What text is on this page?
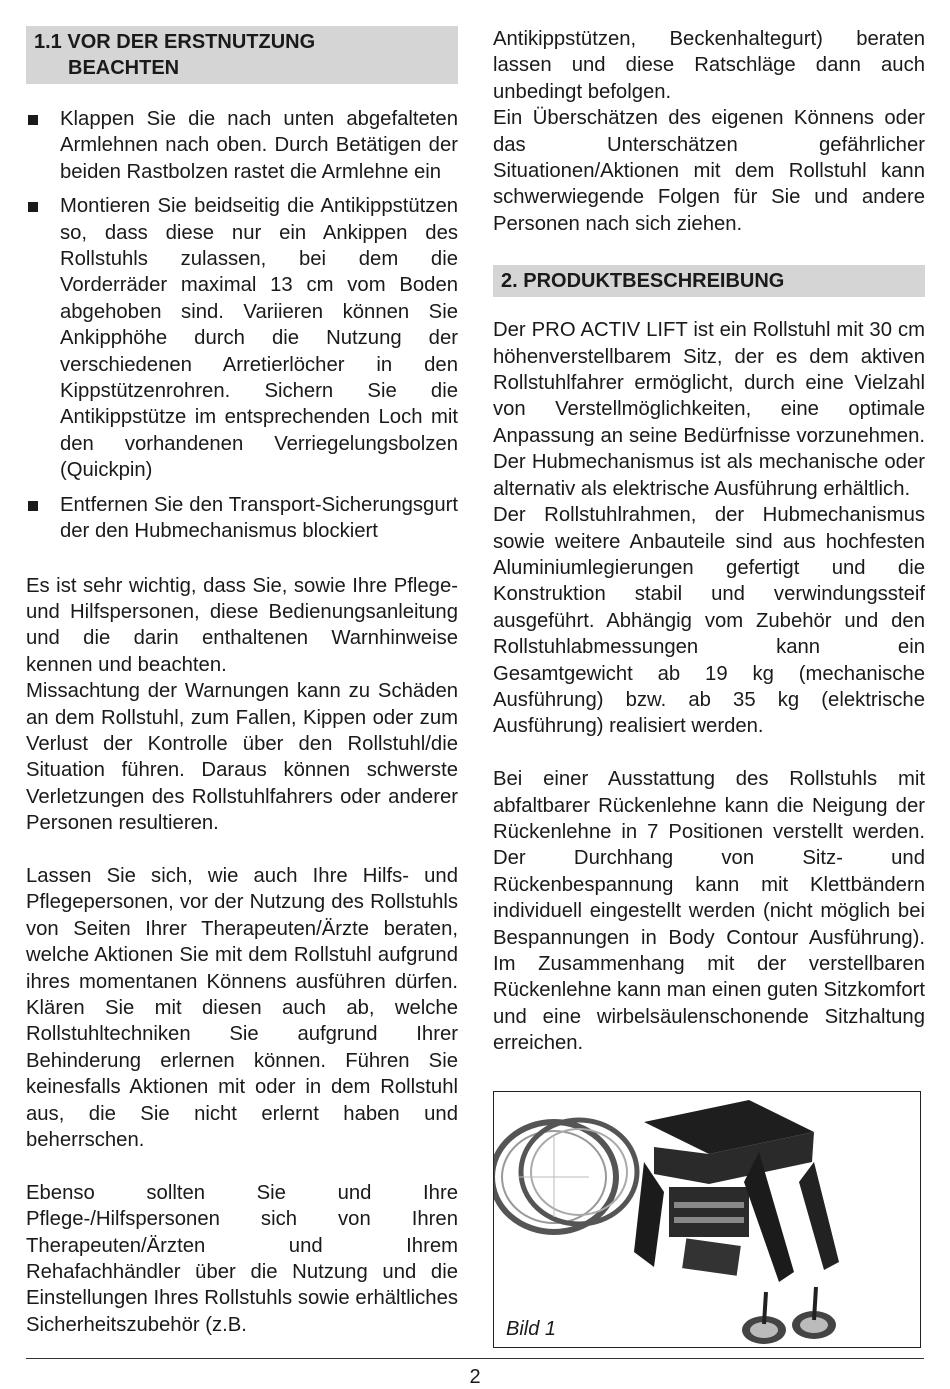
1.1 VOR DER ERSTNUTZUNG
BEACHTEN
Klappen Sie die nach unten abgefalteten Armlehnen nach oben. Durch Betätigen der beiden Rastbolzen rastet die Armlehne ein
Montieren Sie beidseitig die Antikippstützen so, dass diese nur ein Ankippen des Rollstuhls zulassen, bei dem die Vorderräder maximal 13 cm vom Boden abgehoben sind. Variieren können Sie Ankipphöhe durch die Nutzung der verschiedenen Arretierlöcher in den Kippstützenrohren. Sichern Sie die Antikippstütze im entsprechenden Loch mit den vorhandenen Verriegelungsbolzen (Quickpin)
Entfernen Sie den Transport-Sicherungsgurt der den Hubmechanismus blockiert

Es ist sehr wichtig, dass Sie, sowie Ihre Pflege- und Hilfspersonen, diese Bedienungsanleitung und die darin enthaltenen Warnhinweise kennen und beachten.

Missachtung der Warnungen kann zu Schäden an dem Rollstuhl, zum Fallen, Kippen oder zum Verlust der Kontrolle über den Rollstuhl/die Situation führen. Daraus können schwerste Verletzungen des Rollstuhlfahrers oder anderer Personen resultieren.

Lassen Sie sich, wie auch Ihre Hilfs- und Pflegepersonen, vor der Nutzung des Rollstuhls von Seiten Ihrer Therapeuten/Ärzte beraten, welche Aktionen Sie mit dem Rollstuhl aufgrund ihres momentanen Könnens ausführen dürfen. Klären Sie mit diesen auch ab, welche Rollstuhltechniken Sie aufgrund Ihrer Behinderung erlernen können. Führen Sie keinesfalls Aktionen mit oder in dem Rollstuhl aus, die Sie nicht erlernt haben und beherrschen.

Ebenso sollten Sie und Ihre Pflege-/Hilfspersonen sich von Ihren Therapeuten/Ärzten und Ihrem Rehafachhändler über die Nutzung und die Einstellungen Ihres Rollstuhls sowie erhältliches Sicherheitszubehör (z.B.

Antikippstützen, Beckenhaltegurt) beraten lassen und diese Ratschläge dann auch unbedingt befolgen.

Ein Überschätzen des eigenen Könnens oder das Unterschätzen gefährlicher Situationen/Aktionen mit dem Rollstuhl kann schwerwiegende Folgen für Sie und andere Personen nach sich ziehen.

2. PRODUKTBESCHREIBUNG

Der PRO ACTIV LIFT ist ein Rollstuhl mit 30 cm höhenverstellbarem Sitz, der es dem aktiven Rollstuhlfahrer ermöglicht, durch eine Vielzahl von Verstellmöglichkeiten, eine optimale Anpassung an seine Bedürfnisse vorzunehmen. Der Hubmechanismus ist als mechanische oder alternativ als elektrische Ausführung erhältlich.

Der Rollstuhlrahmen, der Hubmechanismus sowie weitere Anbauteile sind aus hochfesten Aluminiumlegierungen gefertigt und die Konstruktion stabil und verwindungssteif ausgeführt. Abhängig vom Zubehör und den Rollstuhlabmessungen kann ein Gesamtgewicht ab 19 kg (mechanische Ausführung) bzw. ab 35 kg (elektrische Ausführung) realisiert werden.

Bei einer Ausstattung des Rollstuhls mit abfaltbarer Rückenlehne kann die Neigung der Rückenlehne in 7 Positionen verstellt werden. Der Durchhang von Sitz- und Rückenbespannung kann mit Klettbändern individuell eingestellt werden (nicht möglich bei Bespannungen in Body Contour Ausführung). Im Zusammenhang mit der verstellbaren Rückenlehne kann man einen guten Sitzkomfort und eine wirbelsäulenschonende Sitzhaltung erreichen.

Bild 1
2
